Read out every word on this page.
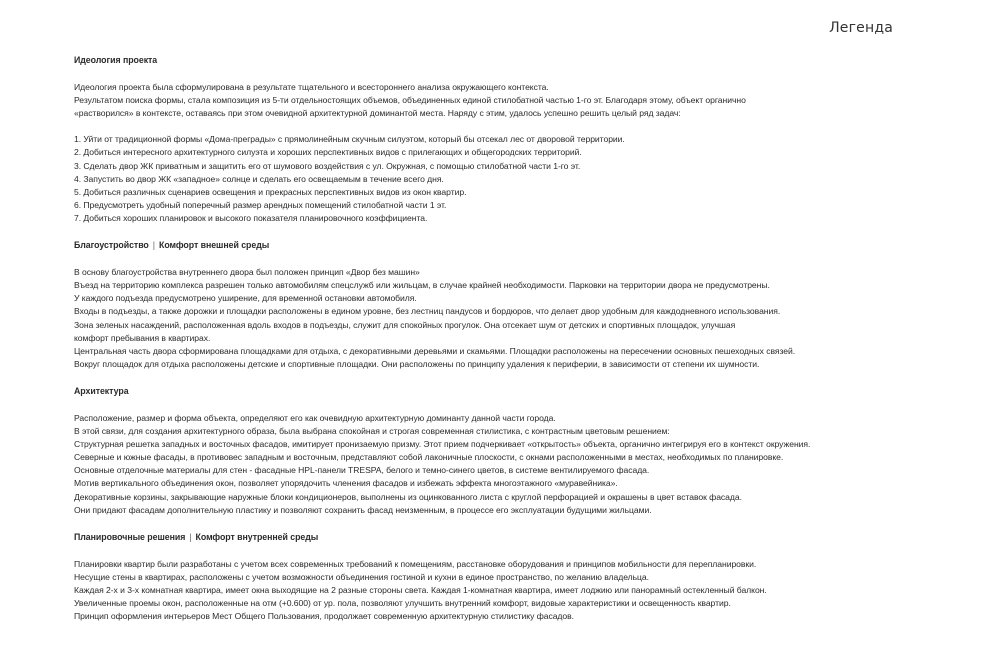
Легенда
Идеология проекта

Идеология проекта была сформулирована в результате тщательного и всестороннего анализа окружающего контекста.

Результатом поиска формы, стала композиция из 5-ти отдельностоящих объемов, объединенных единой стилобатной частью 1-го эт. Благодаря этому, объект органично

«растворился» в контексте, оставаясь при этом очевидной архитектурной доминантой места. Наряду с этим, удалось успешно решить целый ряд задач:

1. Уйти от традиционной формы «Дома-преграды» с прямолинейным скучным силуэтом, который бы отсекал лес от дворовой территории.

2. Добиться интересного архитектурного силуэта и хороших перспективных видов с прилегающих и общегородских территорий.

3. Сделать двор ЖК приватным и защитить его от шумового воздействия с ул. Окружная, с помощью стилобатной части 1-го эт.

4. Запустить во двор ЖК «западное» солнце и сделать его освещаемым в течение всего дня.

5. Добиться различных сценариев освещения и прекрасных перспективных видов из окон квартир.

6. Предусмотреть удобный поперечный размер арендных помещений стилобатной части 1 эт.

7. Добиться хороших планировок и высокого показателя планировочного коэффициента.

Благоустройство | Комфорт внешней среды

В основу благоустройства внутреннего двора был положен принцип «Двор без машин»

Въезд на территорию комплекса разрешен только автомобилям спецслужб или жильцам, в случае крайней необходимости. Парковки на территории двора не предусмотрены.

У каждого подъезда предусмотрено уширение, для временной остановки автомобиля.

Входы в подъезды, а также дорожки и площадки расположены в едином уровне, без лестниц пандусов и бордюров, что делает двор удобным для каждодневного использования.

Зона зеленых насаждений, расположенная вдоль входов в подъезды, служит для спокойных прогулок. Она отсекает шум от детских и спортивных площадок, улучшая

комфорт пребывания в квартирах.

Центральная часть двора сформирована площадками для отдыха, с декоративными деревьями и скамьями. Площадки расположены на пересечении основных пешеходных связей.

Вокруг площадок для отдыха расположены детские и спортивные площадки. Они расположены по принципу удаления к периферии, в зависимости от степени их шумности.

Архитектура

Расположение, размер и форма объекта, определяют его как очевидную архитектурную доминанту данной части города.

В этой связи, для создания архитектурного образа, была выбрана спокойная и строгая современная стилистика, с контрастным цветовым решением:

Структурная решетка западных и восточных фасадов, имитирует пронизаемую призму. Этот прием подчеркивает «открытость» объекта, органично интегрируя его в контекст окружения.

Северные и южные фасады, в противовес западным и восточным, представляют собой лаконичные плоскости, с окнами расположенными в местах, необходимых по планировке.

Основные отделочные материалы для стен - фасадные HPL-панели TRESPA, белого и темно-синего цветов, в системе вентилируемого фасада.

Мотив вертикального объединения окон, позволяет упорядочить членения фасадов и избежать эффекта многоэтажного «муравейника».

Декоративные корзины, закрывающие наружные блоки кондиционеров, выполнены из оцинкованного листа с круглой перфорацией и окрашены в цвет вставок фасада.

Они придают фасадам дополнительную пластику и позволяют сохранить фасад неизменным, в процессе его эксплуатации будущими жильцами.

Планировочные решения | Комфорт внутренней среды

Планировки квартир были разработаны с учетом всех современных требований к помещениям, расстановке оборудования и принципов мобильности для перепланировки.

Несущие стены в квартирах, расположены с учетом возможности объединения гостиной и кухни в единое пространство, по желанию владельца.

Каждая 2-х и 3-х комнатная квартира, имеет окна выходящие на 2 разные стороны света. Каждая 1-комнатная квартира, имеет лоджию или панорамный остекленный балкон.

Увеличенные проемы окон, расположенные на отм (+0.600) от ур. пола, позволяют улучшить внутренний комфорт, видовые характеристики и освещенность квартир.

Принцип оформления интерьеров Мест Общего Пользования, продолжает современную архитектурную стилистику фасадов.
